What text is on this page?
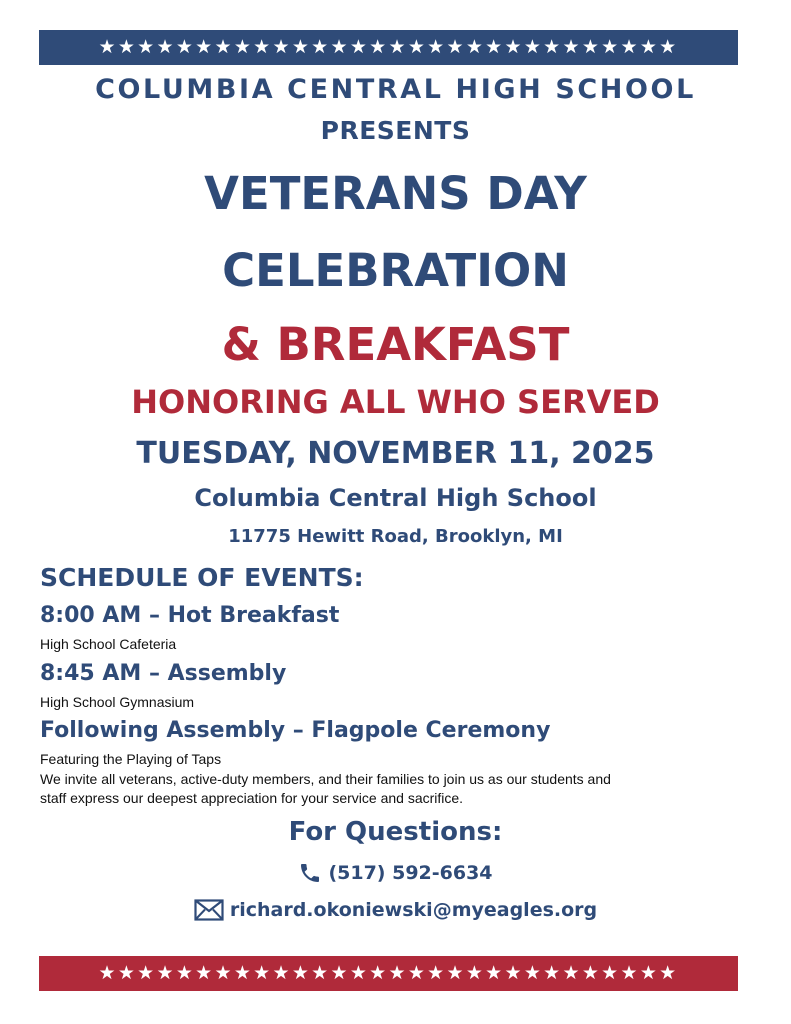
★★★★★★★★★★★★★★★★★★★★★★★★★★★★★★
COLUMBIA CENTRAL HIGH SCHOOL
PRESENTS
VETERANS DAY
CELEBRATION
& BREAKFAST
HONORING ALL WHO SERVED
TUESDAY, NOVEMBER 11, 2025
Columbia Central High School
11775 Hewitt Road, Brooklyn, MI
SCHEDULE OF EVENTS:
8:00 AM – Hot Breakfast
High School Cafeteria
8:45 AM – Assembly
High School Gymnasium
Following Assembly – Flagpole Ceremony
Featuring the Playing of Taps
We invite all veterans, active-duty members, and their families to join us as our students and
staff express our deepest appreciation for your service and sacrifice.
For Questions:
(517) 592-6634
richard.okoniewski@myeagles.org
★★★★★★★★★★★★★★★★★★★★★★★★★★★★★★
